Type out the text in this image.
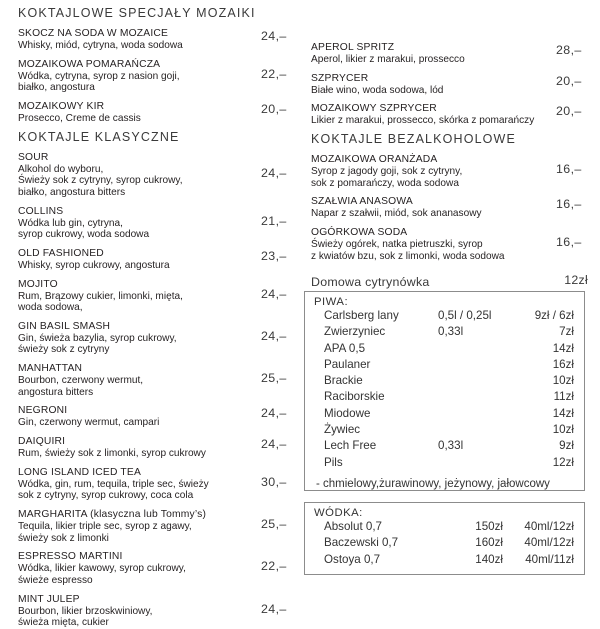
KOKTAJLOWE SPECJAŁY MOZAIKI
SKOCZ NA SODA W MOZAICE
Whisky, miód, cytryna, woda sodowa
24,–
MOZAIKOWA POMARAŃCZA
Wódka, cytryna, syrop z nasion goji,
białko, angostura
22,–
MOZAIKOWY KIR
Prosecco, Creme de cassis
20,–
KOKTAJLE KLASYCZNE
SOUR
Alkohol do wyboru,
Świeży sok z cytryny, syrop cukrowy,
białko, angostura bitters
24,–
COLLINS
Wódka lub gin, cytryna,
syrop cukrowy, woda sodowa
21,–
OLD FASHIONED
Whisky, syrop cukrowy, angostura
23,–
MOJITO
Rum, Brązowy cukier, limonki, mięta,
woda sodowa,
24,–
GIN BASIL SMASH
Gin, świeża bazylia, syrop cukrowy,
świeży sok z cytryny
24,–
MANHATTAN
Bourbon, czerwony wermut,
angostura bitters
25,–
NEGRONI
Gin, czerwony wermut, campari
24,–
DAIQUIRI
Rum, świeży sok z limonki, syrop cukrowy
24,–
LONG ISLAND ICED TEA
Wódka, gin, rum, tequila, triple sec, świeży
sok z cytryny, syrop cukrowy, coca cola
30,–
MARGHARITA (klasyczna lub Tommy’s)
Tequila, likier triple sec, syrop z agawy,
świeży sok z limonki
25,–
ESPRESSO MARTINI
Wódka, likier kawowy, syrop cukrowy,
świeże espresso
22,–
MINT JULEP
Bourbon, likier brzoskwiniowy,
świeża mięta, cukier
24,–
APEROL SPRITZ
Aperol, likier z marakui, prossecco
28,–
SZPRYCER
Białe wino, woda sodowa, lód
20,–
MOZAIKOWY SZPRYCER
Likier z marakui, prossecco, skórka z pomarańczy
20,–
KOKTAJLE BEZALKOHOLOWE
MOZAIKOWA ORANŻADA
Syrop z jagody goji, sok z cytryny,
sok z pomarańczy, woda sodowa
16,–
SZAŁWIA ANASOWA
Napar z szałwii, miód, sok ananasowy
16,–
OGÓRKOWA SODA
Świeży ogórek, natka pietruszki, syrop
z kwiatów bzu, sok z limonki, woda sodowa
16,–
Domowa cytrynówka	12zł
PIWA:
Carlsberg lany	0,5l / 0,25l	9zł / 6zł
Zwierzyniec	0,33l	7zł
APA 0,5	14zł
Paulaner	16zł
Brackie	10zł
Raciborskie	11zł
Miodowe	14zł
Żywiec	10zł
Lech Free	0,33l	9zł
Pils	12zł
- chmielowy,żurawinowy, jeżynowy, jałowcowy
WÓDKA:
Absolut 0,7	150zł 40ml/12zł
Baczewski 0,7	160zł 40ml/12zł
Ostoya 0,7	140zł 40ml/11zł
